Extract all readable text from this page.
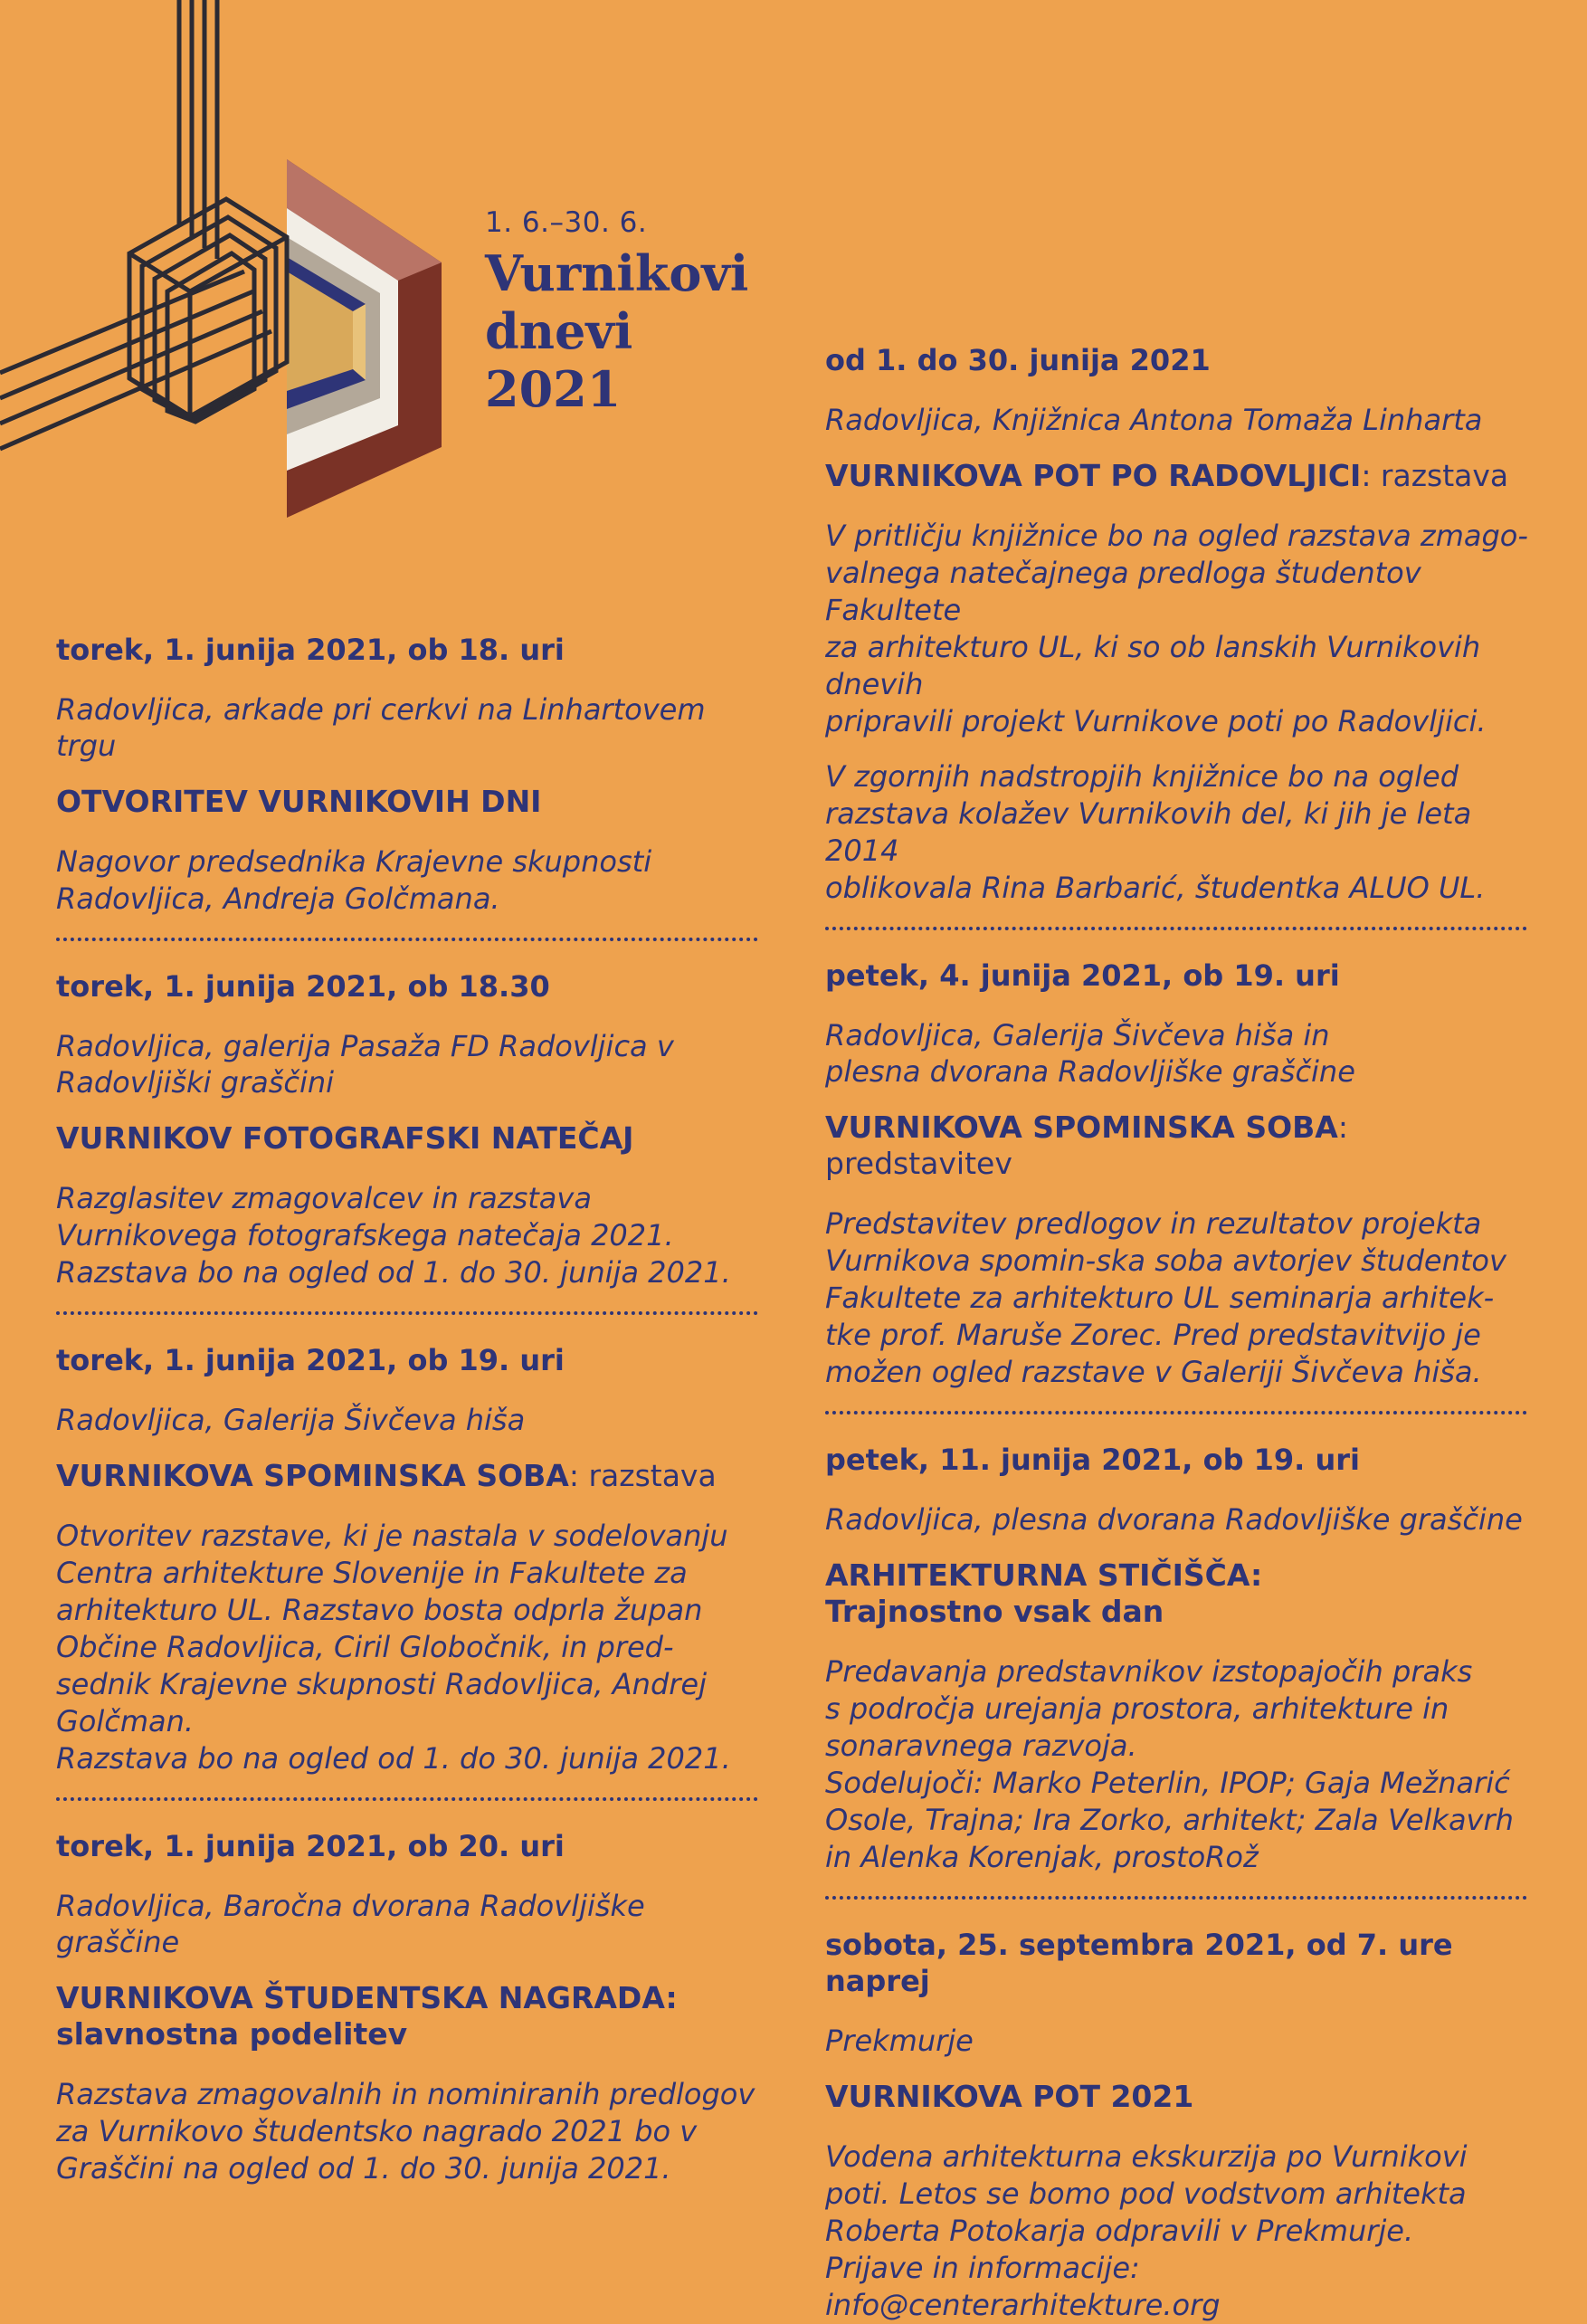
1. 6.–30. 6.
Vurnikovi
dnevi
2021
torek, 1. junija 2021, ob 18. uri
Radovljica, arkade pri cerkvi na Linhartovem trgu
OTVORITEV VURNIKOVIH DNI

Nagovor predsednika Krajevne skupnosti
Radovljica, Andreja Golčmana.

torek, 1. junija 2021, ob 18.30
Radovljica, galerija Pasaža FD Radovljica v
Radovljiški graščini
VURNIKOV FOTOGRAFSKI NATEČAJ

Razglasitev zmagovalcev in razstava
Vurnikovega fotografskega natečaja 2021.
Razstava bo na ogled od 1. do 30. junija 2021.

torek, 1. junija 2021, ob 19. uri
Radovljica, Galerija Šivčeva hiša
VURNIKOVA SPOMINSKA SOBA: razstava

Otvoritev razstave, ki je nastala v sodelovanju
Centra arhitekture Slovenije in Fakultete za
arhitekturo UL. Razstavo bosta odprla župan
Občine Radovljica, Ciril Globočnik, in pred-
sednik Krajevne skupnosti Radovljica, Andrej
Golčman.
Razstava bo na ogled od 1. do 30. junija 2021.

torek, 1. junija 2021, ob 20. uri
Radovljica, Baročna dvorana Radovljiške graščine
VURNIKOVA ŠTUDENTSKA NAGRADA:
slavnostna podelitev

Razstava zmagovalnih in nominiranih predlogov
za Vurnikovo študentsko nagrado 2021 bo v
Graščini na ogled od 1. do 30. junija 2021.

od 1. do 30. junija 2021
Radovljica, Knjižnica Antona Tomaža Linharta
VURNIKOVA POT PO RADOVLJICI: razstava

V pritličju knjižnice bo na ogled razstava zmago-
valnega natečajnega predloga študentov Fakultete
za arhitekturo UL, ki so ob lanskih Vurnikovih dnevih
pripravili projekt Vurnikove poti po Radovljici.

V zgornjih nadstropjih knjižnice bo na ogled
razstava kolažev Vurnikovih del, ki jih je leta 2014
oblikovala Rina Barbarić, študentka ALUO UL.

petek, 4. junija 2021, ob 19. uri
Radovljica, Galerija Šivčeva hiša in
plesna dvorana Radovljiške graščine
VURNIKOVA SPOMINSKA SOBA: predstavitev

Predstavitev predlogov in rezultatov projekta
Vurnikova spomin-ska soba avtorjev študentov
Fakultete za arhitekturo UL seminarja arhitek-
tke prof. Maruše Zorec. Pred predstavitvijo je
možen ogled razstave v Galeriji Šivčeva hiša.

petek, 11. junija 2021, ob 19. uri
Radovljica, plesna dvorana Radovljiške graščine
ARHITEKTURNA STIČIŠČA:
Trajnostno vsak dan

Predavanja predstavnikov izstopajočih praks
s področja urejanja prostora, arhitekture in
sonaravnega razvoja.
Sodelujoči: Marko Peterlin, IPOP; Gaja Mežnarić
Osole, Trajna; Ira Zorko, arhitekt; Zala Velkavrh
in Alenka Korenjak, prostoRož

sobota, 25. septembra 2021, od 7. ure naprej
Prekmurje
VURNIKOVA POT 2021

Vodena arhitekturna ekskurzija po Vurnikovi
poti. Letos se bomo pod vodstvom arhitekta
Roberta Potokarja odpravili v Prekmurje.
Prijave in informacije: info@centerarhitekture.org
